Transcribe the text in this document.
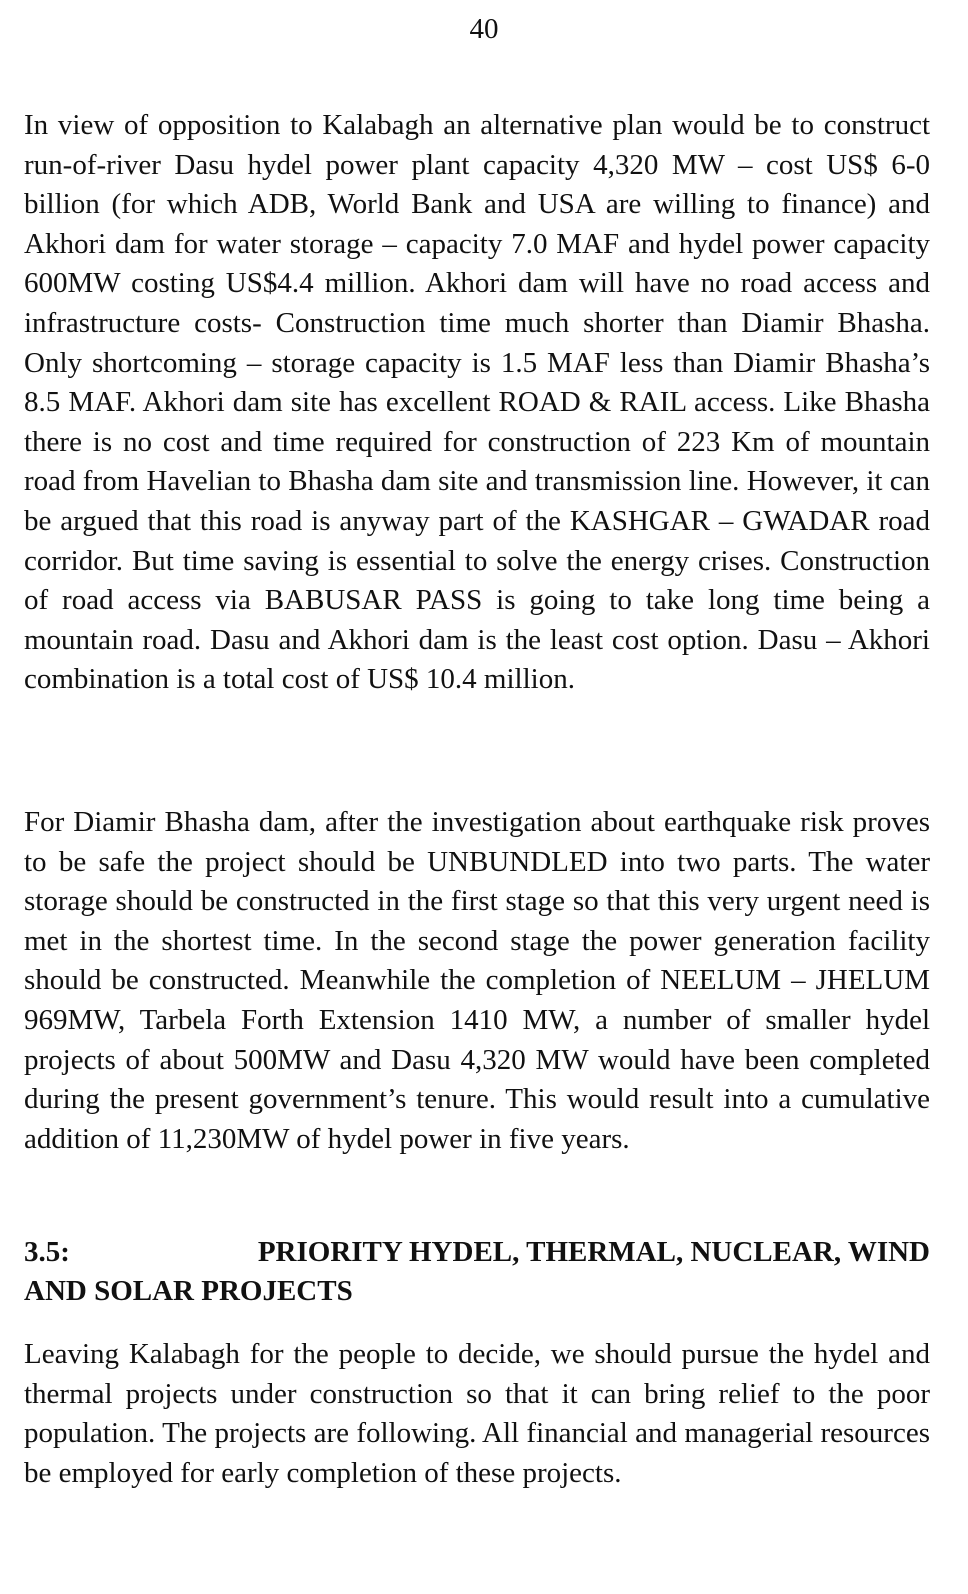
40

In view of opposition to Kalabagh an alternative plan would be to construct run-of-river Dasu hydel power plant capacity 4,320 MW – cost US$ 6-0 billion (for which ADB, World Bank and USA are willing to finance) and Akhori dam for water storage – capacity 7.0 MAF and hydel power capacity 600MW costing US$4.4 million. Akhori dam will have no road access and infrastructure costs- Construction time much shorter than Diamir Bhasha. Only shortcoming – storage capacity is 1.5 MAF less than Diamir Bhasha’s 8.5 MAF. Akhori dam site has excellent ROAD & RAIL access. Like Bhasha there is no cost and time required for construction of 223 Km of mountain road from Havelian to Bhasha dam site and transmission line. However, it can be argued that this road is anyway part of the KASHGAR – GWADAR road corridor. But time saving is essential to solve the energy crises. Construction of road access via BABUSAR PASS is going to take long time being a mountain road. Dasu and Akhori dam is the least cost option. Dasu – Akhori combination is a total cost of US$ 10.4 million.

For Diamir Bhasha dam, after the investigation about earthquake risk proves to be safe the project should be UNBUNDLED into two parts. The water storage should be constructed in the first stage so that this very urgent need is met in the shortest time. In the second stage the power generation facility should be constructed. Meanwhile the completion of NEELUM – JHELUM 969MW, Tarbela Forth Extension 1410 MW, a number of smaller hydel projects of about 500MW and Dasu 4,320 MW would have been completed during the present government’s tenure. This would result into a cumulative addition of 11,230MW of hydel power in five years.

3.5:	PRIORITY HYDEL, THERMAL, NUCLEAR, WIND
AND SOLAR PROJECTS

Leaving Kalabagh for the people to decide, we should pursue the hydel and thermal projects under construction so that it can bring relief to the poor population. The projects are following. All financial and managerial resources be employed for early completion of these projects.
